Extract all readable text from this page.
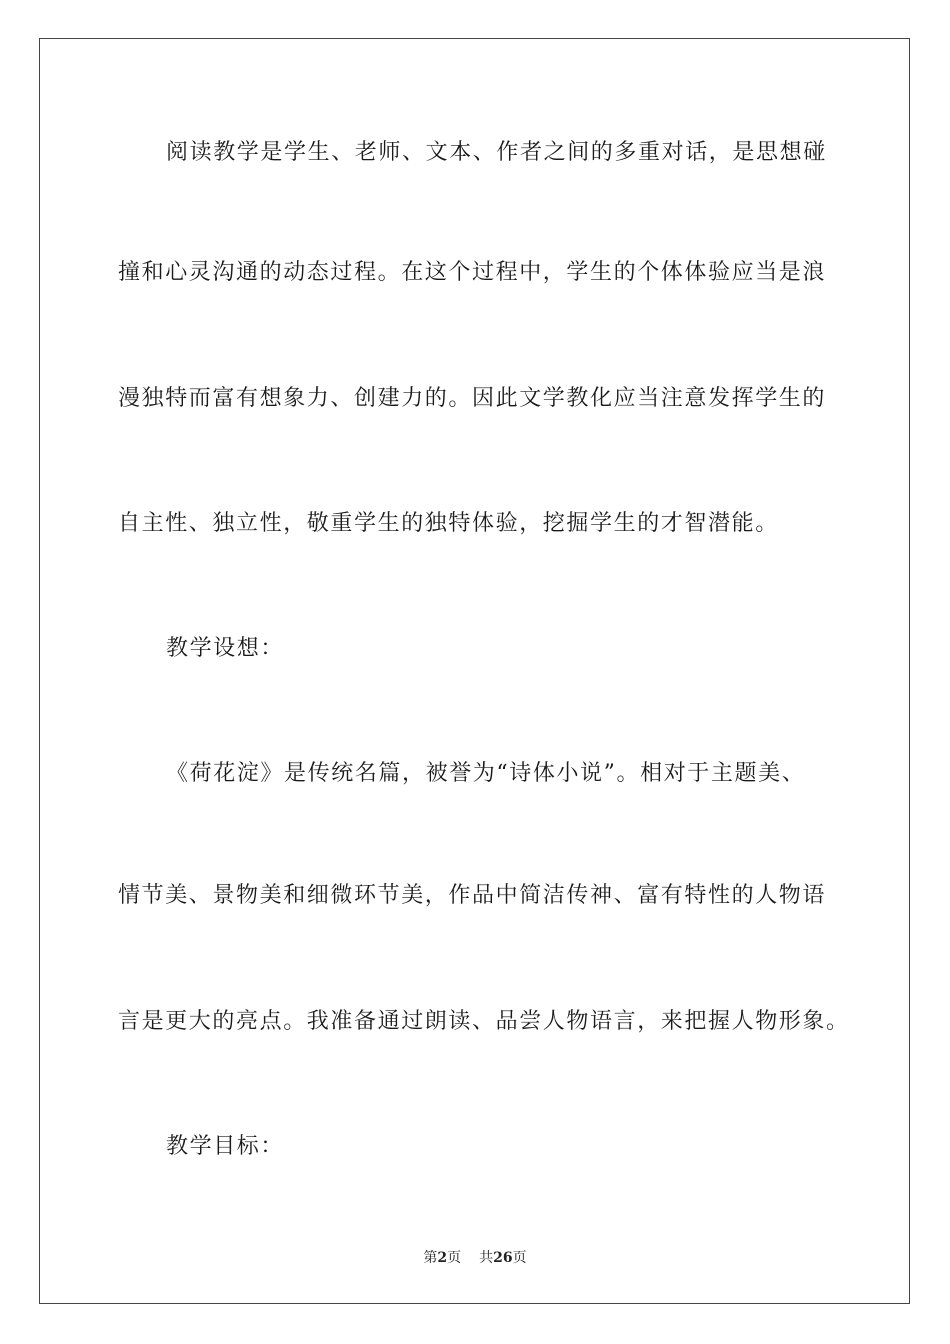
阅读教学是学生、老师、文本、作者之间的多重对话，是思想碰
撞和心灵沟通的动态过程。在这个过程中，学生的个体体验应当是浪
漫独特而富有想象力、创建力的。因此文学教化应当注意发挥学生的
自主性、独立性，敬重学生的独特体验，挖掘学生的才智潜能。
教学设想：
《荷花淀》是传统名篇，被誉为“诗体小说”。相对于主题美、
情节美、景物美和细微环节美，作品中简洁传神、富有特性的人物语
言是更大的亮点。我准备通过朗读、品尝人物语言，来把握人物形象。
教学目标：
第2页 共26页
